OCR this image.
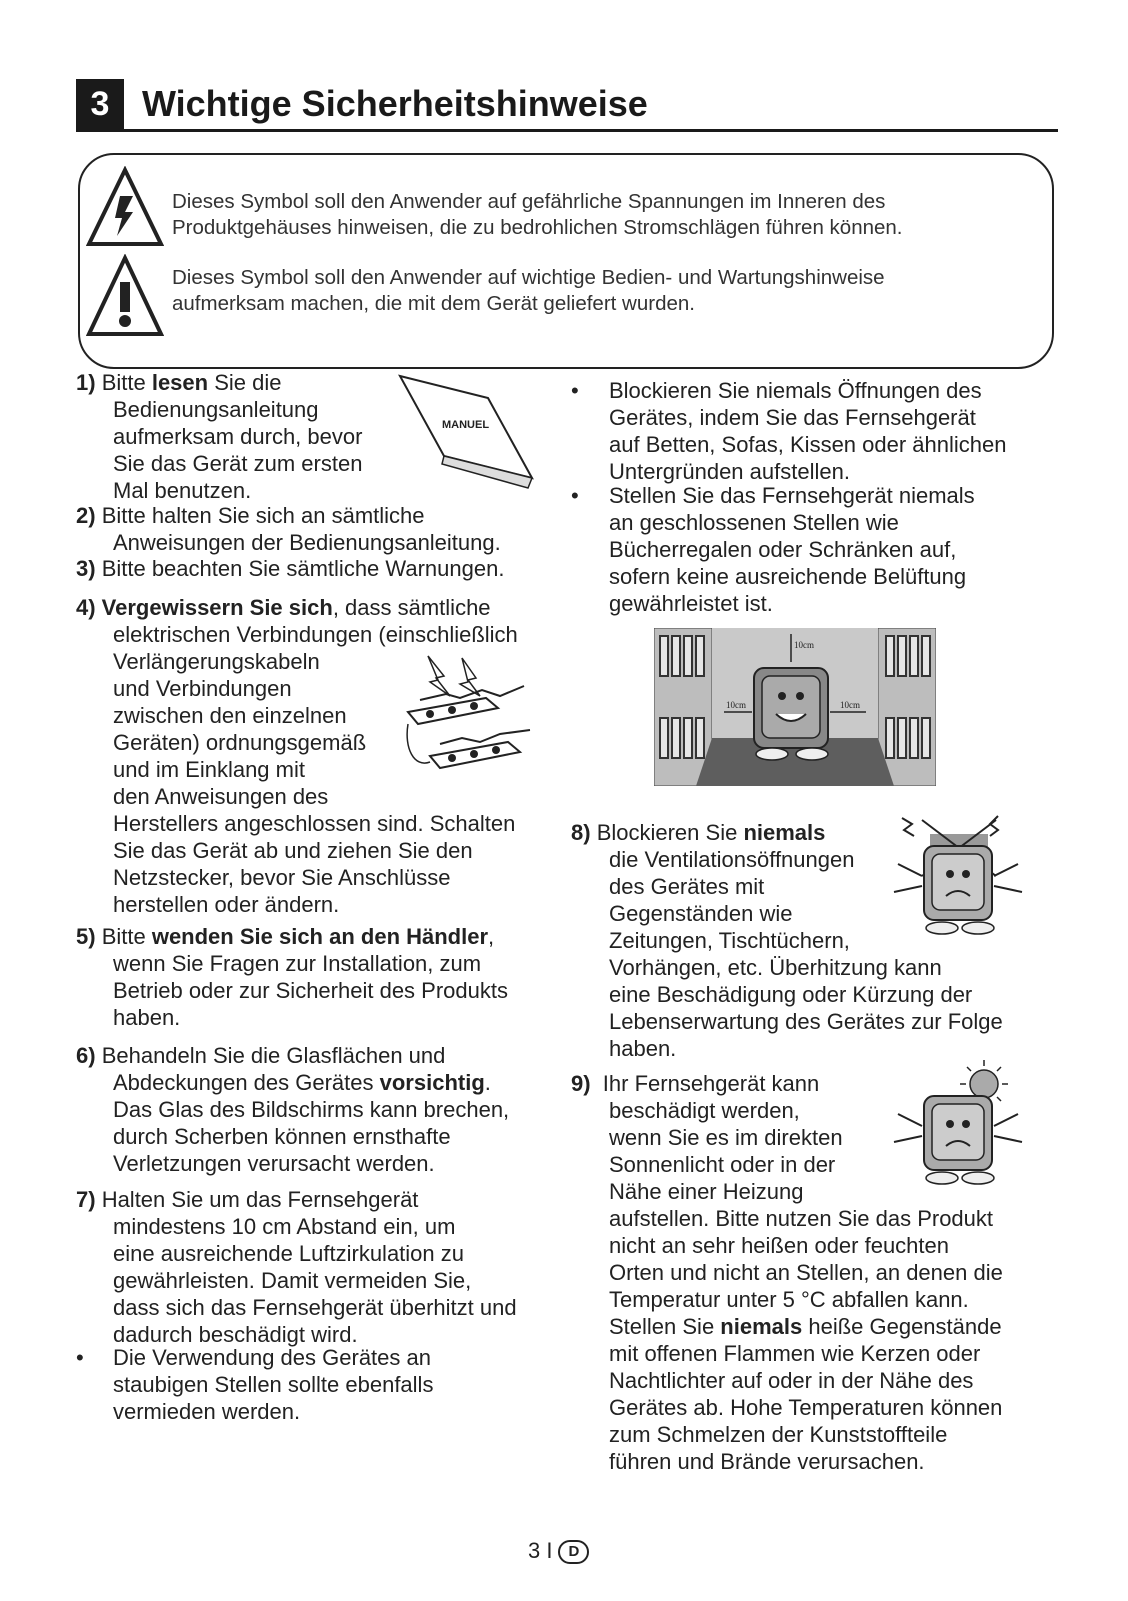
3 Wichtige Sicherheitshinweise
Dieses Symbol soll den Anwender auf gefährliche Spannungen im Inneren des
Produktgehäuses hinweisen, die zu bedrohlichen Stromschlägen führen können.
Dieses Symbol soll den Anwender auf wichtige Bedien- und Wartungshinweise
aufmerksam machen, die mit dem Gerät geliefert wurden.
1) Bitte lesen Sie die
Bedienungsanleitung
aufmerksam durch, bevor
Sie das Gerät zum ersten
Mal benutzen.
2) Bitte halten Sie sich an sämtliche
Anweisungen der Bedienungsanleitung.
3) Bitte beachten Sie sämtliche Warnungen.
4) Vergewissern Sie sich, dass sämtliche
elektrischen Verbindungen (einschließlich
Verlängerungskabeln
und Verbindungen
zwischen den einzelnen
Geräten) ordnungsgemäß
und im Einklang mit
den Anweisungen des
Herstellers angeschlossen sind. Schalten
Sie das Gerät ab und ziehen Sie den
Netzstecker, bevor Sie Anschlüsse
herstellen oder ändern.
5) Bitte wenden Sie sich an den Händler,
wenn Sie Fragen zur Installation, zum
Betrieb oder zur Sicherheit des Produkts
haben.
6) Behandeln Sie die Glasflächen und
Abdeckungen des Gerätes vorsichtig.
Das Glas des Bildschirms kann brechen,
durch Scherben können ernsthafte
Verletzungen verursacht werden.
7) Halten Sie um das Fernsehgerät
mindestens 10 cm Abstand ein, um
eine ausreichende Luftzirkulation zu
gewährleisten. Damit vermeiden Sie,
dass sich das Fernsehgerät überhitzt und
dadurch beschädigt wird.
• Die Verwendung des Gerätes an
staubigen Stellen sollte ebenfalls
vermieden werden.
MANUEL
• Blockieren Sie niemals Öffnungen des
Gerätes, indem Sie das Fernsehgerät
auf Betten, Sofas, Kissen oder ähnlichen
Untergründen aufstellen.
• Stellen Sie das Fernsehgerät niemals
an geschlossenen Stellen wie
Bücherregalen oder Schränken auf,
sofern keine ausreichende Belüftung
gewährleistet ist.
8) Blockieren Sie niemals
die Ventilationsöffnungen
des Gerätes mit
Gegenständen wie
Zeitungen, Tischtüchern,
Vorhängen, etc. Überhitzung kann
eine Beschädigung oder Kürzung der
Lebenserwartung des Gerätes zur Folge
haben.
9) Ihr Fernsehgerät kann
beschädigt werden,
wenn Sie es im direkten
Sonnenlicht oder in der
Nähe einer Heizung
aufstellen. Bitte nutzen Sie das Produkt
nicht an sehr heißen oder feuchten
Orten und nicht an Stellen, an denen die
Temperatur unter 5 °C abfallen kann.
Stellen Sie niemals heiße Gegenstände
mit offenen Flammen wie Kerzen oder
Nachtlichter auf oder in der Nähe des
Gerätes ab. Hohe Temperaturen können
zum Schmelzen der Kunststoffteile
führen und Brände verursachen.
10cm
10cm	10cm
3 I D
